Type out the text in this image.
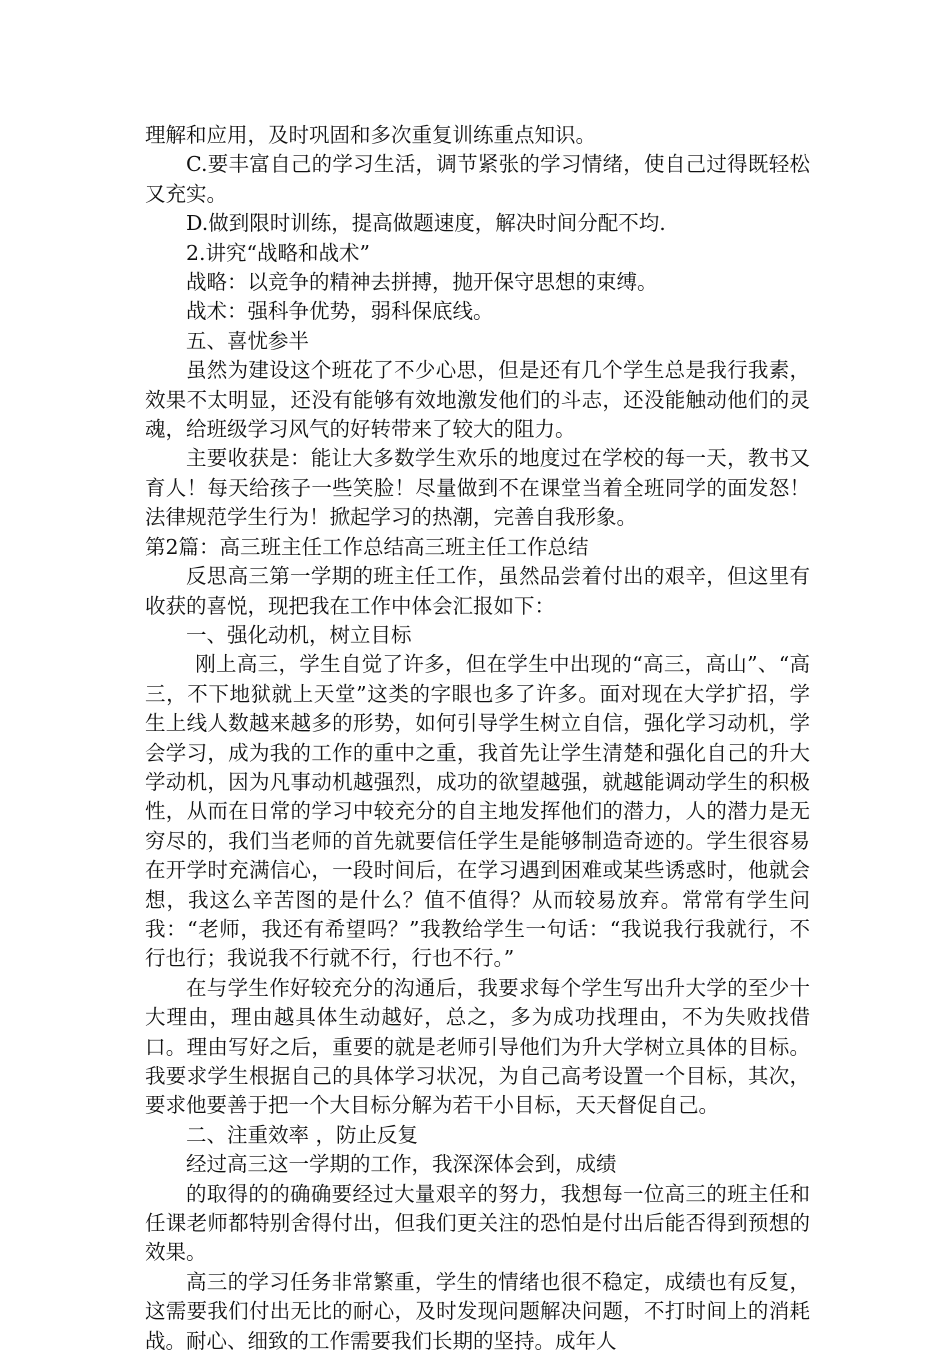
理解和应用，及时巩固和多次重复训练重点知识。

C.要丰富自己的学习生活，调节紧张的学习情绪，使自己过得既轻松又充实。

D.做到限时训练，提高做题速度，解决时间分配不均.

2.讲究“战略和战术”

战略：以竞争的精神去拼搏，抛开保守思想的束缚。

战术：强科争优势，弱科保底线。

五、喜忧参半

虽然为建设这个班花了不少心思，但是还有几个学生总是我行我素，效果不太明显，还没有能够有效地激发他们的斗志，还没能触动他们的灵魂，给班级学习风气的好转带来了较大的阻力。

主要收获是：能让大多数学生欢乐的地度过在学校的每一天，教书又育人！每天给孩子一些笑脸！尽量做到不在课堂当着全班同学的面发怒！法律规范学生行为！掀起学习的热潮，完善自我形象。

第2篇：高三班主任工作总结高三班主任工作总结

反思高三第一学期的班主任工作，虽然品尝着付出的艰辛，但这里有收获的喜悦，现把我在工作中体会汇报如下：

一、强化动机，树立目标

刚上高三，学生自觉了许多，但在学生中出现的“高三，高山”、“高三，不下地狱就上天堂”这类的字眼也多了许多。面对现在大学扩招，学生上线人数越来越多的形势，如何引导学生树立自信，强化学习动机，学会学习，成为我的工作的重中之重，我首先让学生清楚和强化自己的升大学动机，因为凡事动机越强烈，成功的欲望越强，就越能调动学生的积极性，从而在日常的学习中较充分的自主地发挥他们的潜力，人的潜力是无穷尽的，我们当老师的首先就要信任学生是能够制造奇迹的。学生很容易在开学时充满信心，一段时间后，在学习遇到困难或某些诱惑时，他就会想，我这么辛苦图的是什么？值不值得？从而较易放弃。常常有学生问我：“老师，我还有希望吗？”我教给学生一句话：“我说我行我就行，不行也行；我说我不行就不行，行也不行。”

在与学生作好较充分的沟通后，我要求每个学生写出升大学的至少十大理由，理由越具体生动越好，总之，多为成功找理由，不为失败找借口。理由写好之后，重要的就是老师引导他们为升大学树立具体的目标。我要求学生根据自己的具体学习状况，为自己高考设置一个目标，其次，要求他要善于把一个大目标分解为若干小目标，天天督促自己。

二、注重效率 ，防止反复

经过高三这一学期的工作，我深深体会到，成绩

的取得的的确确要经过大量艰辛的努力，我想每一位高三的班主任和任课老师都特别舍得付出，但我们更关注的恐怕是付出后能否得到预想的效果。

高三的学习任务非常繁重，学生的情绪也很不稳定，成绩也有反复，这需要我们付出无比的耐心，及时发现问题解决问题，不打时间上的消耗战。耐心、细致的工作需要我们长期的坚持。成年人
